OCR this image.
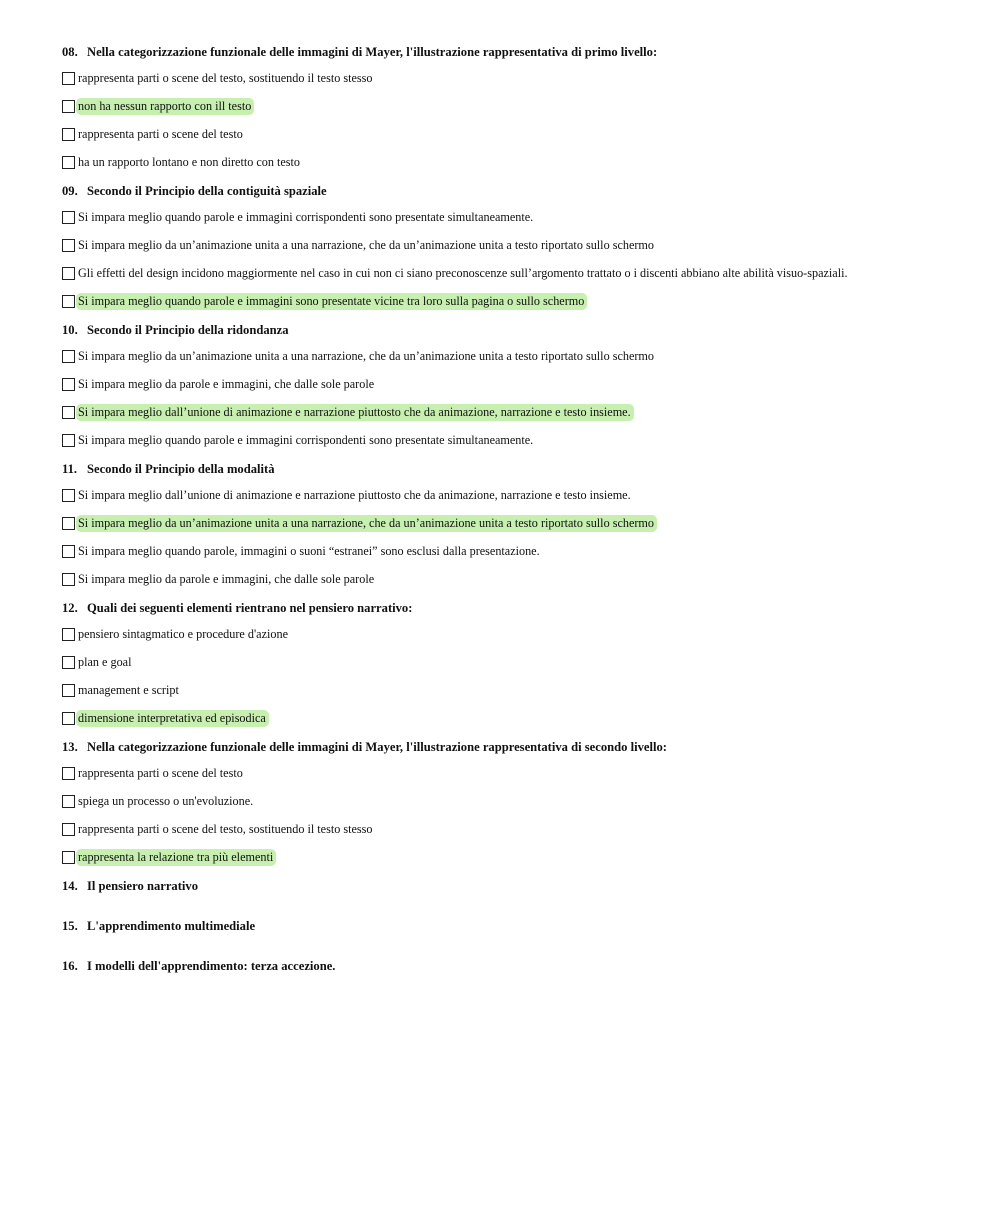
08. Nella categorizzazione funzionale delle immagini di Mayer, l'illustrazione rappresentativa di primo livello:
rappresenta parti o scene del testo, sostituendo il testo stesso
non ha nessun rapporto con ill testo
rappresenta parti o scene del testo
ha un rapporto lontano e non diretto con testo
09. Secondo il Principio della contiguità spaziale
Si impara meglio quando parole e immagini corrispondenti sono presentate simultaneamente.
Si impara meglio da un’animazione unita a una narrazione, che da un’animazione unita a testo riportato sullo schermo
Gli effetti del design incidono maggiormente nel caso in cui non ci siano preconoscenze sull’argomento trattato o i discenti abbiano alte abilità visuo-spaziali.
Si impara meglio quando parole e immagini sono presentate vicine tra loro sulla pagina o sullo schermo
10. Secondo il Principio della ridondanza
Si impara meglio da un’animazione unita a una narrazione, che da un’animazione unita a testo riportato sullo schermo
Si impara meglio da parole e immagini, che dalle sole parole
Si impara meglio dall’unione di animazione e narrazione piuttosto che da animazione, narrazione e testo insieme.
Si impara meglio quando parole e immagini corrispondenti sono presentate simultaneamente.
11. Secondo il Principio della modalità
Si impara meglio dall’unione di animazione e narrazione piuttosto che da animazione, narrazione e testo insieme.
Si impara meglio da un’animazione unita a una narrazione, che da un’animazione unita a testo riportato sullo schermo
Si impara meglio quando parole, immagini o suoni “estranei” sono esclusi dalla presentazione.
Si impara meglio da parole e immagini, che dalle sole parole
12. Quali dei seguenti elementi rientrano nel pensiero narrativo:
pensiero sintagmatico e procedure d'azione
plan e goal
management e script
dimensione interpretativa ed episodica
13. Nella categorizzazione funzionale delle immagini di Mayer, l'illustrazione rappresentativa di secondo livello:
rappresenta parti o scene del testo
spiega un processo o un'evoluzione.
rappresenta parti o scene del testo, sostituendo il testo stesso
rappresenta la relazione tra più elementi
14. Il pensiero narrativo
15. L'apprendimento multimediale
16. I modelli dell'apprendimento: terza accezione.
